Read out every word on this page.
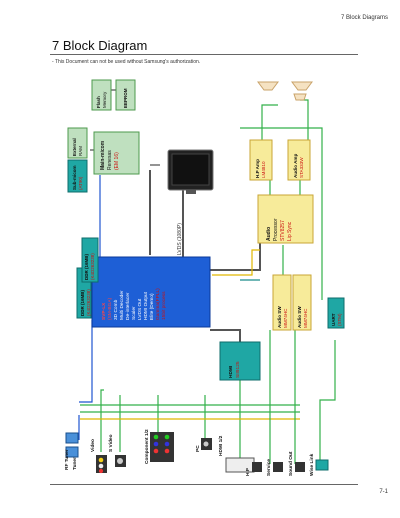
7 Block Diagrams
7 Block Diagram
- This Document can not be used without Samsung's authorization.
SVP-LX (SM-BGA) 3D Comb Multi Decoder De-interlacer Scaler LVDS Out HDMI Output Elite (Demo) Gamma(FPLL) 15bit process
DDR (16MB) (K4D263238)
DDR (16MB) (K4D263238)
Main-micom Renesas (EM 16)
Sub-micom (AT90)
External RAM
Flash Memory	EEPROM
HDMI SII9125
Audio SW MM74HC Audio SW MM74HC
Audio Processor STV8257 Lip Sync
H.P Amp LM4810	Audio Amp STA333W
UART (STM)
LVDS (1080P)
RF Tuner Tuner
Video	S Video	Component 1/2	PC	HDMI 1/2
H.P	Service	Sound Out	Wise Link
7-1
